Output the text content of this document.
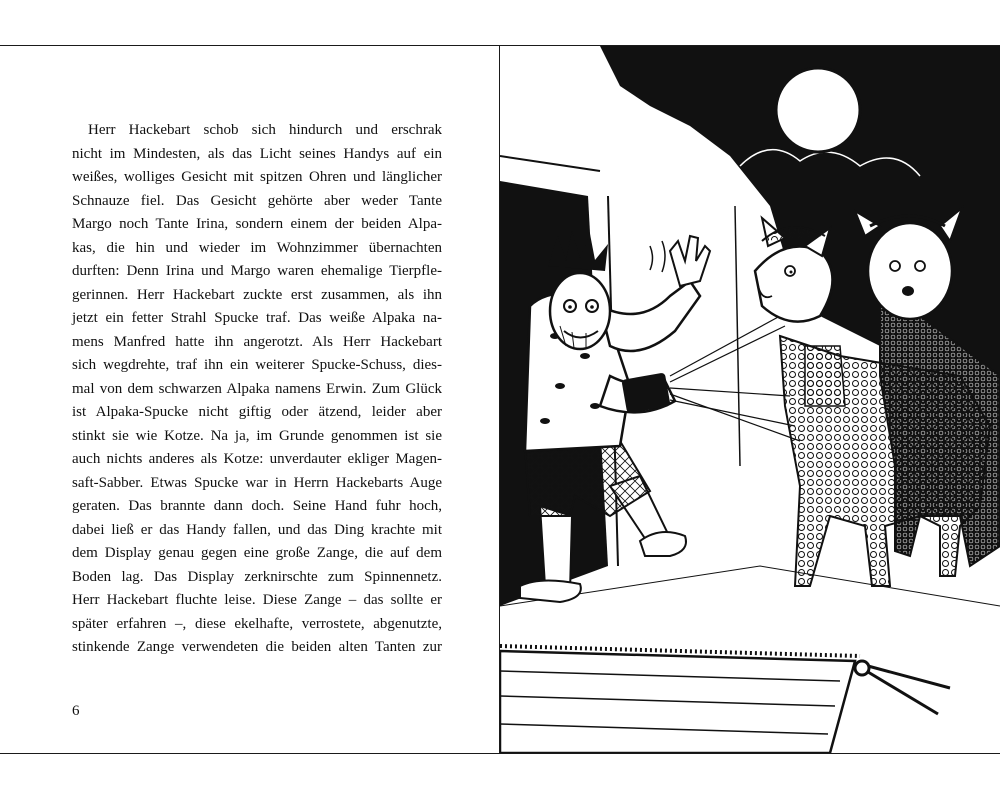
Herr Hackebart schob sich hindurch und erschrak
nicht im Mindesten, als das Licht seines Handys auf ein
weißes, wolliges Gesicht mit spitzen Ohren und länglicher
Schnauze fiel. Das Gesicht gehörte aber weder Tante
Margo noch Tante Irina, sondern einem der beiden Alpa-
kas, die hin und wieder im Wohnzimmer übernachten
durften: Denn Irina und Margo waren ehemalige Tierpfle-
gerinnen. Herr Hackebart zuckte erst zusammen, als ihn
jetzt ein fetter Strahl Spucke traf. Das weiße Alpaka na-
mens Manfred hatte ihn angerotzt. Als Herr Hackebart
sich wegdrehte, traf ihn ein weiterer Spucke-Schuss, dies-
mal von dem schwarzen Alpaka namens Erwin. Zum Glück
ist Alpaka-Spucke nicht giftig oder ätzend, leider aber
stinkt sie wie Kotze. Na ja, im Grunde genommen ist sie
auch nichts anderes als Kotze: unverdauter ekliger Magen-
saft-Sabber. Etwas Spucke war in Herrn Hackebarts Auge
geraten. Das brannte dann doch. Seine Hand fuhr hoch,
dabei ließ er das Handy fallen, und das Ding krachte mit
dem Display genau gegen eine große Zange, die auf dem
Boden lag. Das Display zerknirschte zum Spinnennetz.
Herr Hackebart fluchte leise. Diese Zange – das sollte er
später erfahren –, diese ekelhafte, verrostete, abgenutzte,
stinkende Zange verwendeten die beiden alten Tanten zur
6
